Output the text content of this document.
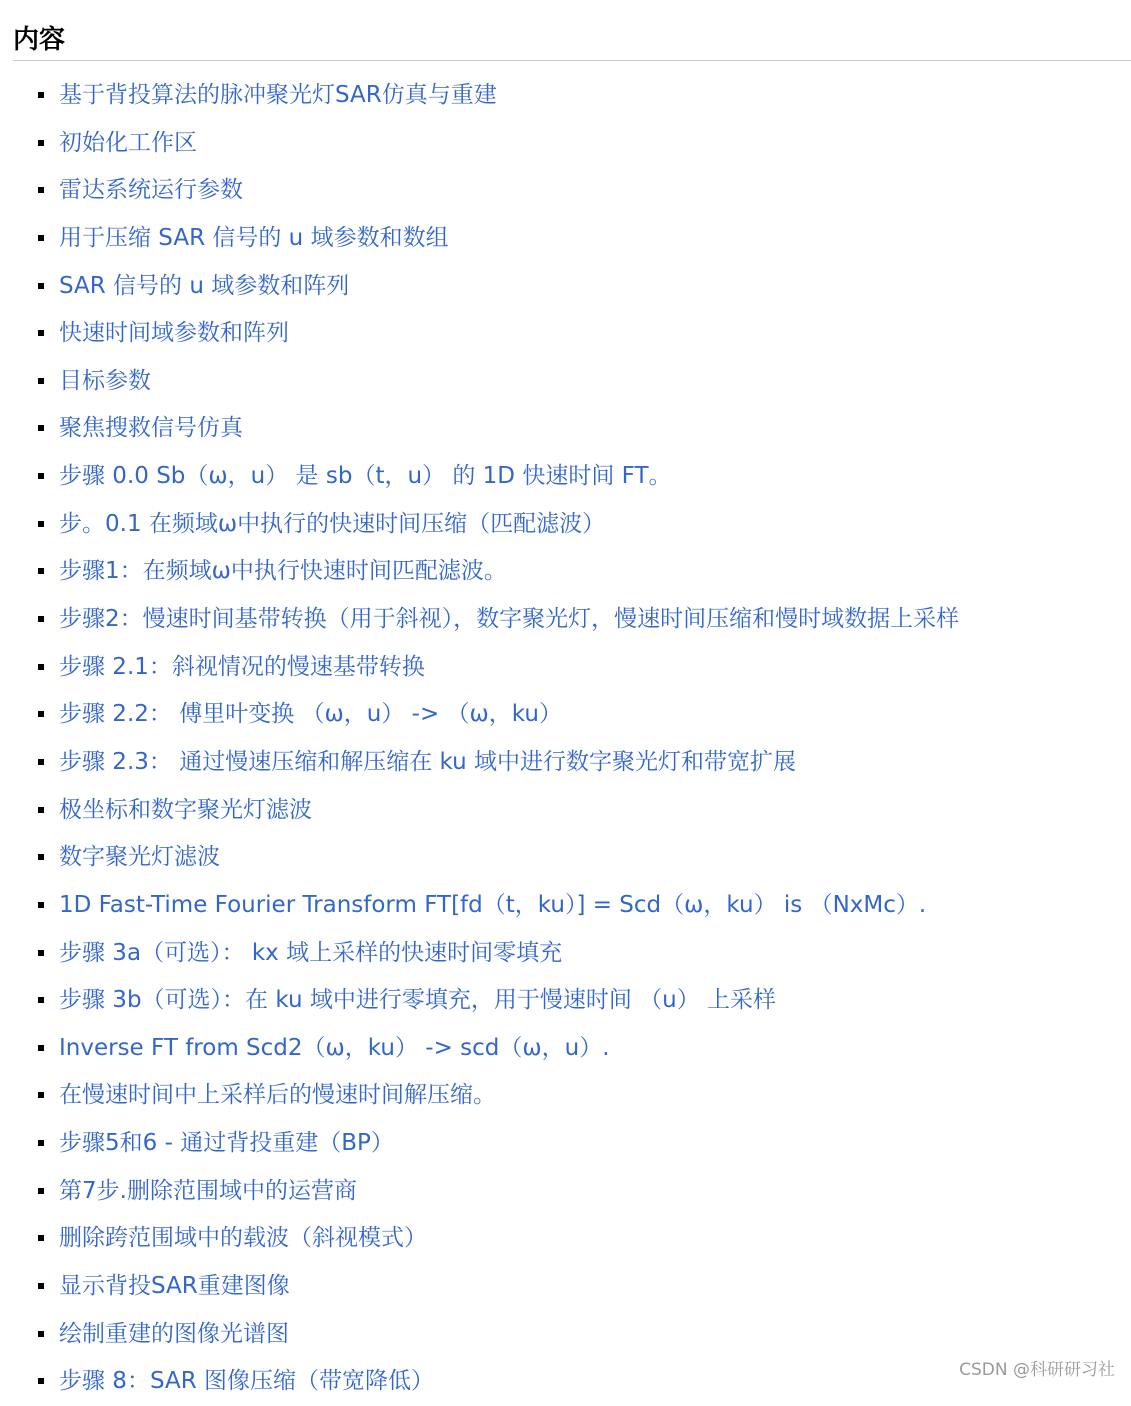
内容
基于背投算法的脉冲聚光灯SAR仿真与重建
初始化工作区
雷达系统运行参数
用于压缩 SAR 信号的 u 域参数和数组
SAR 信号的 u 域参数和阵列
快速时间域参数和阵列
目标参数
聚焦搜救信号仿真
步骤 0.0 Sb（ω，u） 是 sb（t，u） 的 1D 快速时间 FT。
步。0.1 在频域ω中执行的快速时间压缩（匹配滤波）
步骤1：在频域ω中执行快速时间匹配滤波。
步骤2：慢速时间基带转换（用于斜视），数字聚光灯，慢速时间压缩和慢时域数据上采样
步骤 2.1：斜视情况的慢速基带转换
步骤 2.2： 傅里叶变换 （ω，u） -> （ω，ku）
步骤 2.3： 通过慢速压缩和解压缩在 ku 域中进行数字聚光灯和带宽扩展
极坐标和数字聚光灯滤波
数字聚光灯滤波
1D Fast-Time Fourier Transform FT[fd（t，ku）] = Scd（ω，ku） is （NxMc）.
步骤 3a（可选）： kx 域上采样的快速时间零填充
步骤 3b（可选）：在 ku 域中进行零填充，用于慢速时间 （u） 上采样
Inverse FT from Scd2（ω，ku） -> scd（ω，u）.
在慢速时间中上采样后的慢速时间解压缩。
步骤5和6 - 通过背投重建（BP）
第7步.删除范围域中的运营商
删除跨范围域中的载波（斜视模式）
显示背投SAR重建图像
绘制重建的图像光谱图
步骤 8：SAR 图像压缩（带宽降低）	CSDN @科研研习社
